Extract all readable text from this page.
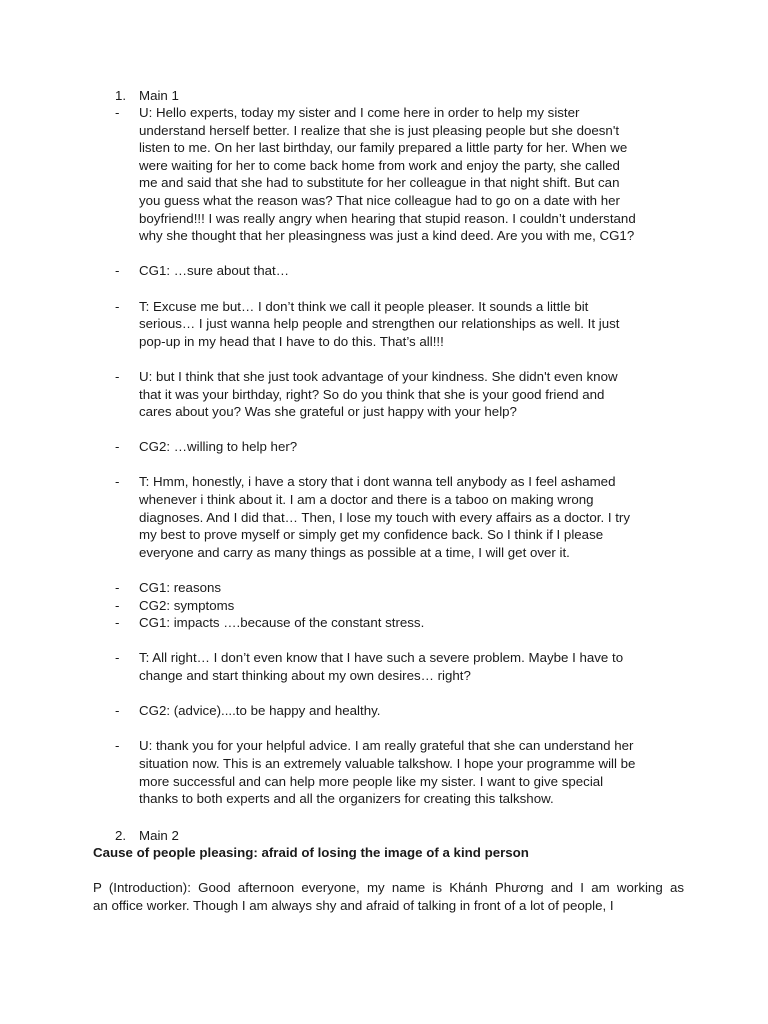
1. Main 1
-	U: Hello experts, today my sister and I come here in order to help my sister
understand herself better. I realize that she is just pleasing people but she doesn't
listen to me. On her last birthday, our family prepared a little party for her. When we
were waiting for her to come back home from work and enjoy the party, she called
me and said that she had to substitute for her colleague in that night shift. But can
you guess what the reason was? That nice colleague had to go on a date with her
boyfriend!!! I was really angry when hearing that stupid reason. I couldn’t understand
why she thought that her pleasingness was just a kind deed. Are you with me, CG1?
-	CG1: …sure about that…
-	T: Excuse me but… I don’t think we call it people pleaser. It sounds a little bit
serious… I just wanna help people and strengthen our relationships as well. It just
pop-up in my head that I have to do this. That’s all!!!
-	U: but I think that she just took advantage of your kindness. She didn't even know
that it was your birthday, right? So do you think that she is your good friend and
cares about you? Was she grateful or just happy with your help?
-	CG2: …willing to help her?
-	T: Hmm, honestly, i have a story that i dont wanna tell anybody as I feel ashamed
whenever i think about it. I am a doctor and there is a taboo on making wrong
diagnoses. And I did that… Then, I lose my touch with every affairs as a doctor. I try
my best to prove myself or simply get my confidence back. So I think if I please
everyone and carry as many things as possible at a time, I will get over it.
-	CG1: reasons
-	CG2: symptoms
-	CG1: impacts ….because of the constant stress.
-	T: All right… I don’t even know that I have such a severe problem. Maybe I have to
change and start thinking about my own desires… right?
-	CG2: (advice)....to be happy and healthy.
-	U: thank you for your helpful advice. I am really grateful that she can understand her
situation now. This is an extremely valuable talkshow. I hope your programme will be
more successful and can help more people like my sister. I want to give special
thanks to both experts and all the organizers for creating this talkshow.
2. Main 2
Cause of people pleasing: afraid of losing the image of a kind person
P (Introduction): Good afternoon everyone, my name is Khánh Phương and I am working as
an office worker. Though I am always shy and afraid of talking in front of a lot of people, I
